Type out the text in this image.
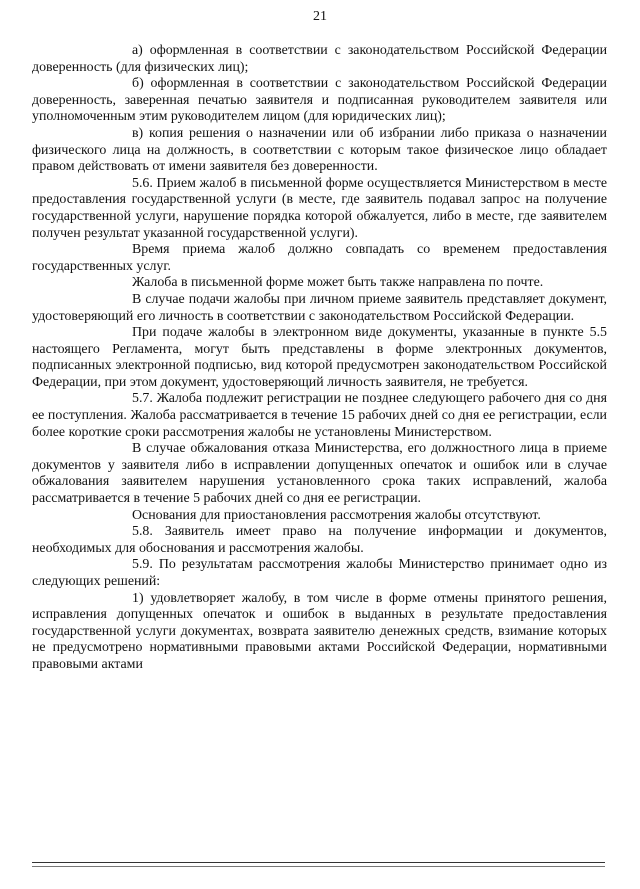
21

а) оформленная в соответствии с законодательством Российской Федерации доверенность (для физических лиц);

б) оформленная в соответствии с законодательством Российской Федерации доверенность, заверенная печатью заявителя и подписанная руководителем заявителя или уполномоченным этим руководителем лицом (для юридических лиц);

в) копия решения о назначении или об избрании либо приказа о назначении физического лица на должность, в соответствии с которым такое физическое лицо обладает правом действовать от имени заявителя без доверенности.

5.6. Прием жалоб в письменной форме осуществляется Министерством в месте предоставления государственной услуги (в месте, где заявитель подавал запрос на получение государственной услуги, нарушение порядка которой обжалуется, либо в месте, где заявителем получен результат указанной государственной услуги).

Время приема жалоб должно совпадать со временем предоставления государственных услуг.

Жалоба в письменной форме может быть также направлена по почте.

В случае подачи жалобы при личном приеме заявитель представляет документ, удостоверяющий его личность в соответствии с законодательством Российской Федерации.

При подаче жалобы в электронном виде документы, указанные в пункте 5.5 настоящего Регламента, могут быть представлены в форме электронных документов, подписанных электронной подписью, вид которой предусмотрен законодательством Российской Федерации, при этом документ, удостоверяющий личность заявителя, не требуется.

5.7. Жалоба подлежит регистрации не позднее следующего рабочего дня со дня ее поступления. Жалоба рассматривается в течение 15 рабочих дней со дня ее регистрации, если более короткие сроки рассмотрения жалобы не установлены Министерством.

В случае обжалования отказа Министерства, его должностного лица в приеме документов у заявителя либо в исправлении допущенных опечаток и ошибок или в случае обжалования заявителем нарушения установленного срока таких исправлений, жалоба рассматривается в течение 5 рабочих дней со дня ее регистрации.

Основания для приостановления рассмотрения жалобы отсутствуют.

5.8. Заявитель имеет право на получение информации и документов, необходимых для обоснования и рассмотрения жалобы.

5.9. По результатам рассмотрения жалобы Министерство принимает одно из следующих решений:

1) удовлетворяет жалобу, в том числе в форме отмены принятого решения, исправления допущенных опечаток и ошибок в выданных в результате предоставления государственной услуги документах, возврата заявителю денежных средств, взимание которых не предусмотрено нормативными правовыми актами Российской Федерации, нормативными правовыми актами
